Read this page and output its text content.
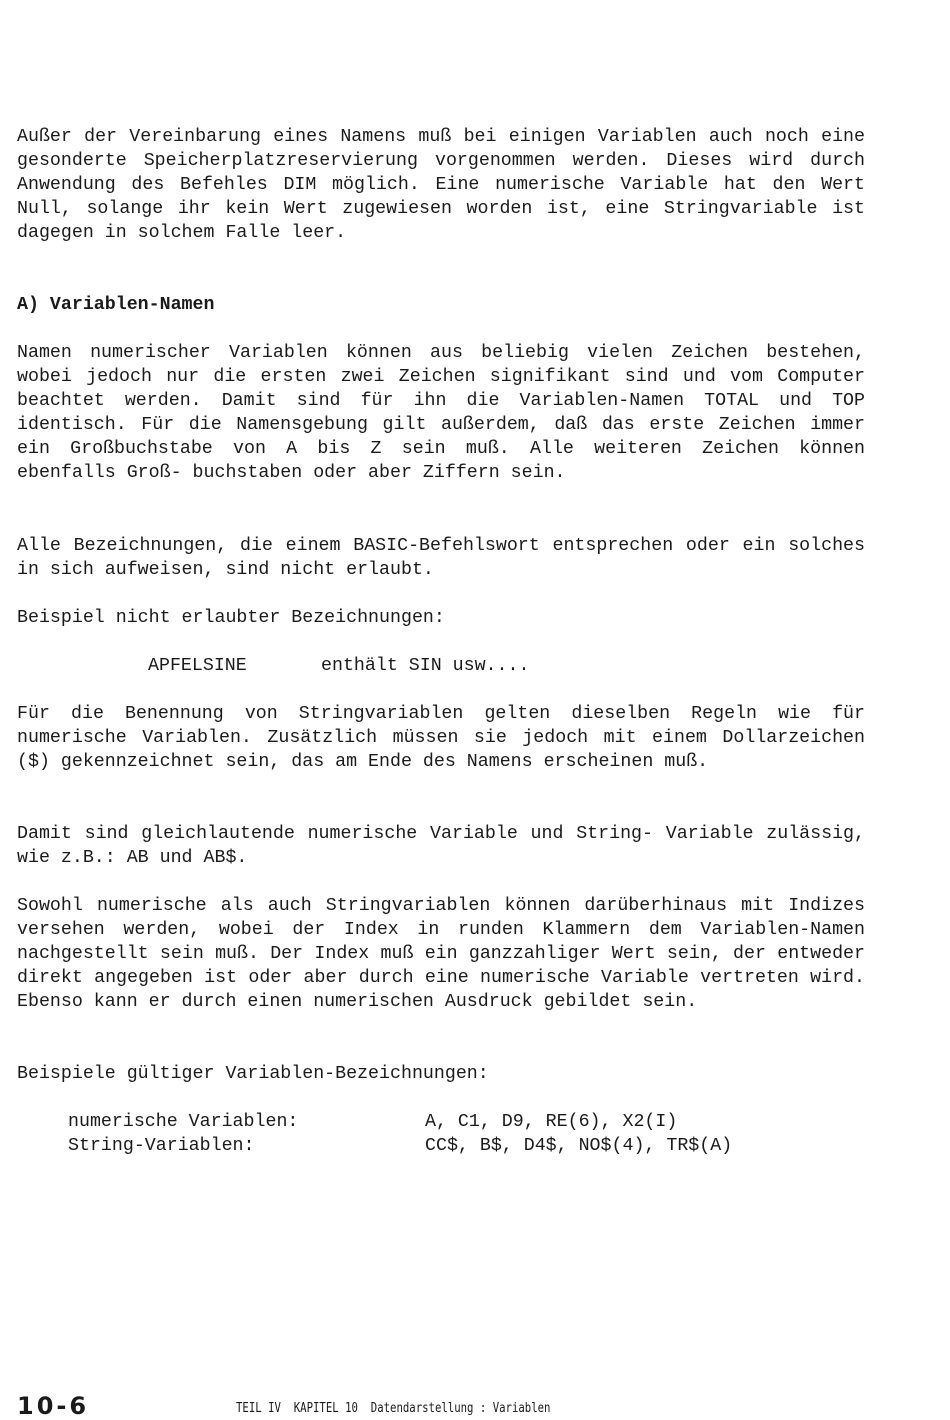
Außer der Vereinbarung eines Namens muß bei einigen Variablen auch noch eine gesonderte Speicherplatzreservierung vorgenommen werden. Dieses wird durch Anwendung des Befehles DIM möglich. Eine numerische Variable hat den Wert Null, solange ihr kein Wert zugewiesen worden ist, eine Stringvariable ist dagegen in solchem Falle leer.

A) Variablen-Namen

Namen numerischer Variablen können aus beliebig vielen Zeichen bestehen, wobei jedoch nur die ersten zwei Zeichen signifikant sind und vom Computer beachtet werden. Damit sind für ihn die Variablen-Namen TOTAL und TOP identisch. Für die Namensgebung gilt außerdem, daß das erste Zeichen immer ein Großbuchstabe von A bis Z sein muß. Alle weiteren Zeichen können ebenfalls Groß- buchstaben oder aber Ziffern sein.

Alle Bezeichnungen, die einem BASIC-Befehlswort entsprechen oder ein solches in sich aufweisen, sind nicht erlaubt.

Beispiel nicht erlaubter Bezeichnungen:

APFELSINE	enthält SIN usw....

Für die Benennung von Stringvariablen gelten dieselben Regeln wie für numerische Variablen. Zusätzlich müssen sie jedoch mit einem Dollarzeichen ($) gekennzeichnet sein, das am Ende des Namens erscheinen muß.

Damit sind gleichlautende numerische Variable und String- Variable zulässig, wie z.B.: AB und AB$.

Sowohl numerische als auch Stringvariablen können darüberhinaus mit Indizes versehen werden, wobei der Index in runden Klammern dem Variablen-Namen nachgestellt sein muß. Der Index muß ein ganzzahliger Wert sein, der entweder direkt angegeben ist oder aber durch eine numerische Variable vertreten wird. Ebenso kann er durch einen numerischen Ausdruck gebildet sein.

Beispiele gültiger Variablen-Bezeichnungen:

numerische Variablen:	A, C1, D9, RE(6), X2(I)
String-Variablen:	CC$, B$, D4$, NO$(4), TR$(A)
10-6	TEIL IV  KAPITEL 10  Datendarstellung : Variablen
